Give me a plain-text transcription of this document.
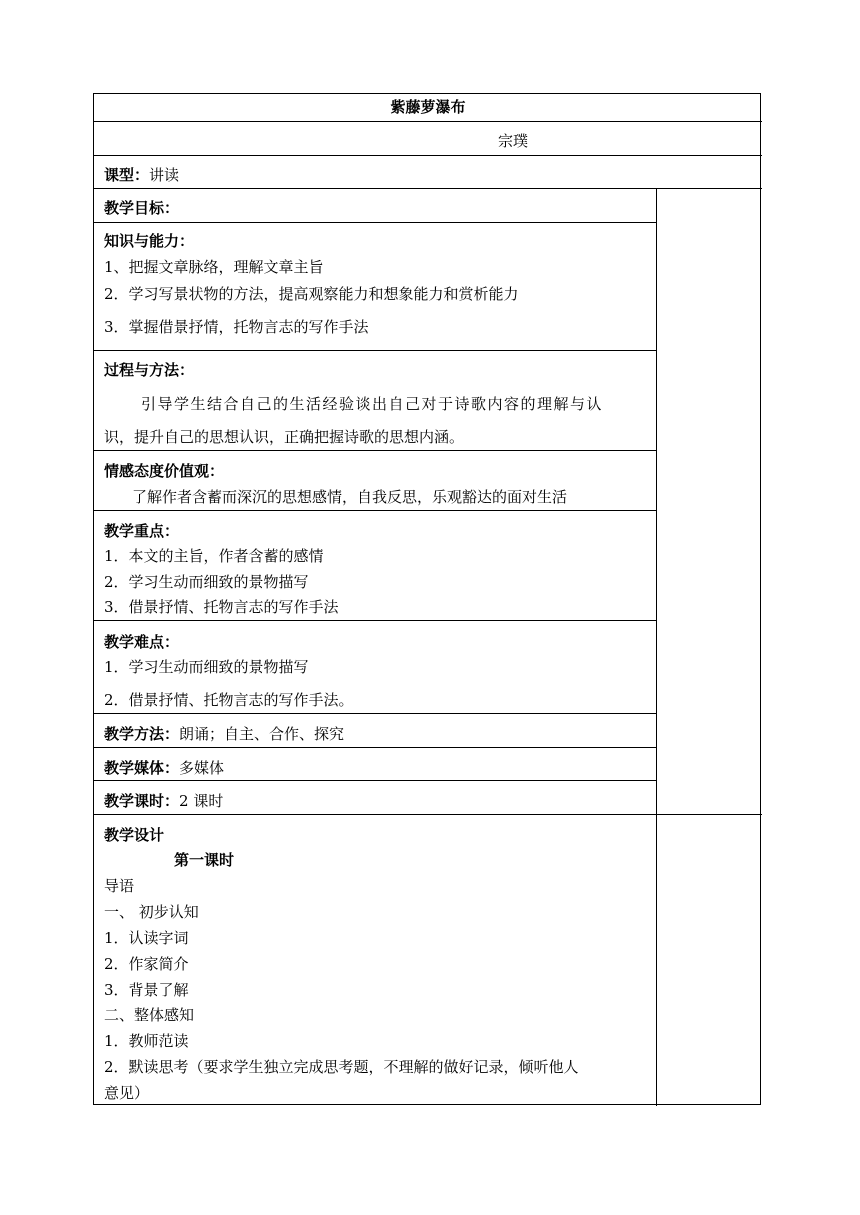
紫藤萝瀑布
宗璞
课型：讲读
教学目标：
知识与能力：
1、把握文章脉络，理解文章主旨
2．学习写景状物的方法，提高观察能力和想象能力和赏析能力
3．掌握借景抒情，托物言志的写作手法
过程与方法：
引导学生结合自己的生活经验谈出自己对于诗歌内容的理解与认
识，提升自己的思想认识，正确把握诗歌的思想内涵。
情感态度价值观：
了解作者含蓄而深沉的思想感情，自我反思，乐观豁达的面对生活
教学重点：
1．本文的主旨，作者含蓄的感情
2．学习生动而细致的景物描写
3．借景抒情、托物言志的写作手法
教学难点：
1．学习生动而细致的景物描写
2．借景抒情、托物言志的写作手法。
教学方法：朗诵；自主、合作、探究
教学媒体：多媒体
教学课时：2 课时
教学设计
第一课时
导语
一、 初步认知
1．认读字词
2．作家简介
3．背景了解
二、整体感知
1．教师范读
2．默读思考（要求学生独立完成思考题，不理解的做好记录，倾听他人
意见）
